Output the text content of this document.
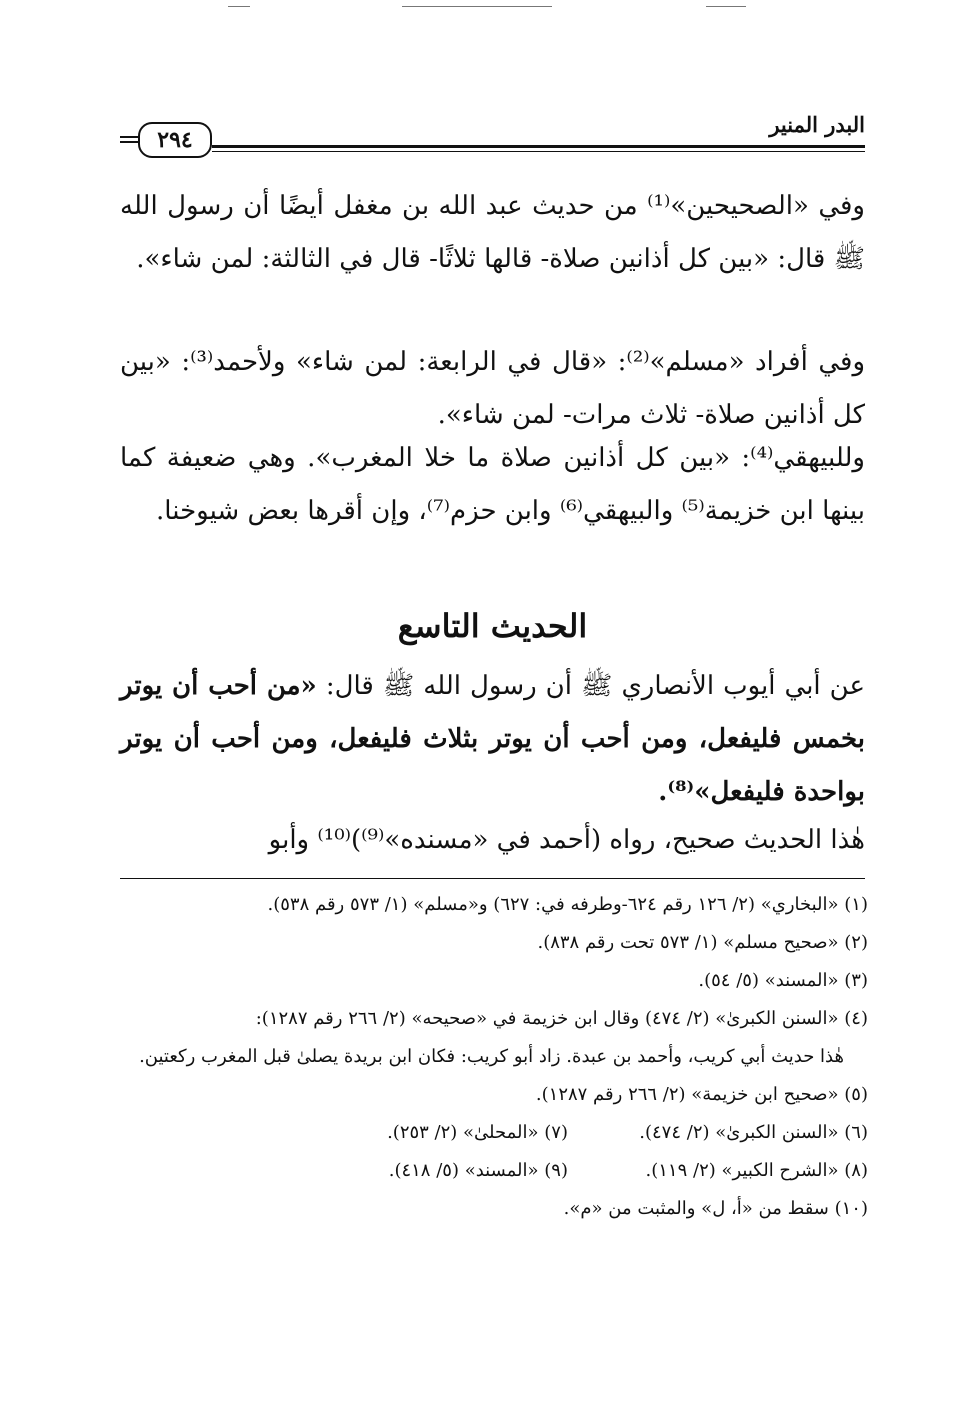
البدر المنير
٢٩٤
وفي «الصحيحين»⁽¹⁾ من حديث عبد الله بن مغفل أيضًا أن رسول الله ﷺ قال: «بين كل أذانين صلاة- قالها ثلاثًا- قال في الثالثة: لمن شاء».
وفي أفراد «مسلم»⁽²⁾: «قال في الرابعة: لمن شاء» ولأحمد⁽³⁾: «بين كل أذانين صلاة- ثلاث مرات- لمن شاء».
وللبيهقي⁽⁴⁾: «بين كل أذانين صلاة ما خلا المغرب». وهي ضعيفة كما بينها ابن خزيمة⁽⁵⁾ والبيهقي⁽⁶⁾ وابن حزم⁽⁷⁾، وإن أقرها بعض شيوخنا.
الحديث التاسع
عن أبي أيوب الأنصاري ﷺ أن رسول الله ﷺ قال: «من أحب أن يوتر بخمس فليفعل، ومن أحب أن يوتر بثلاث فليفعل، ومن أحب أن يوتر بواحدة فليفعل»⁽⁸⁾.
هٰذا الحديث صحيح، رواه (أحمد في «مسنده»⁽⁹⁾)⁽¹⁰⁾ وأبو

(١) «البخاري» (٢/ ١٢٦ رقم ٦٢٤-وطرفه في: ٦٢٧) و«مسلم» (١/ ٥٧٣ رقم ٥٣٨).

(٢) «صحيح مسلم» (١/ ٥٧٣ تحت رقم ٨٣٨).

(٣) «المسند» (٥/ ٥٤).

(٤) «السنن الكبرىٰ» (٢/ ٤٧٤) وقال ابن خزيمة في «صحيحه» (٢/ ٢٦٦ رقم ١٢٨٧):

هٰذا حديث أبي كريب، وأحمد بن عبدة. زاد أبو كريب: فكان ابن بريدة يصلىٰ قبل المغرب ركعتين.

(٥) «صحيح ابن خزيمة» (٢/ ٢٦٦ رقم ١٢٨٧).

(٦) «السنن الكبرىٰ» (٢/ ٤٧٤).
(٧) «المحلىٰ» (٢/ ٢٥٣).
(٨) «الشرح الكبير» (٢/ ١١٩).
(٩) «المسند» (٥/ ٤١٨).

(١٠) سقط من «أ، ل» والمثبت من «م».
